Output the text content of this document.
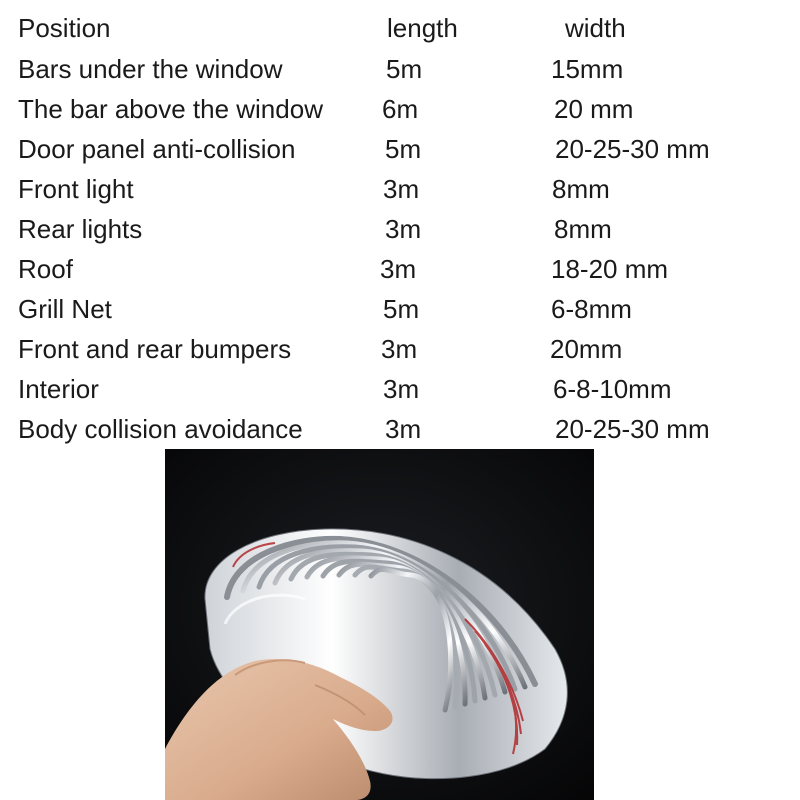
Position	length	width
Bars under the window	5m	15mm
The bar above the window 6m	20 mm
Door panel anti-collision	5m	20-25-30 mm
Front light	3m	8mm
Rear lights	3m	8mm
Roof	3m	18-20 mm
Grill Net	5m	6-8mm
Front and rear bumpers	3m	20mm
Interior	3m	6-8-10mm
Body collision avoidance	3m	20-25-30 mm
